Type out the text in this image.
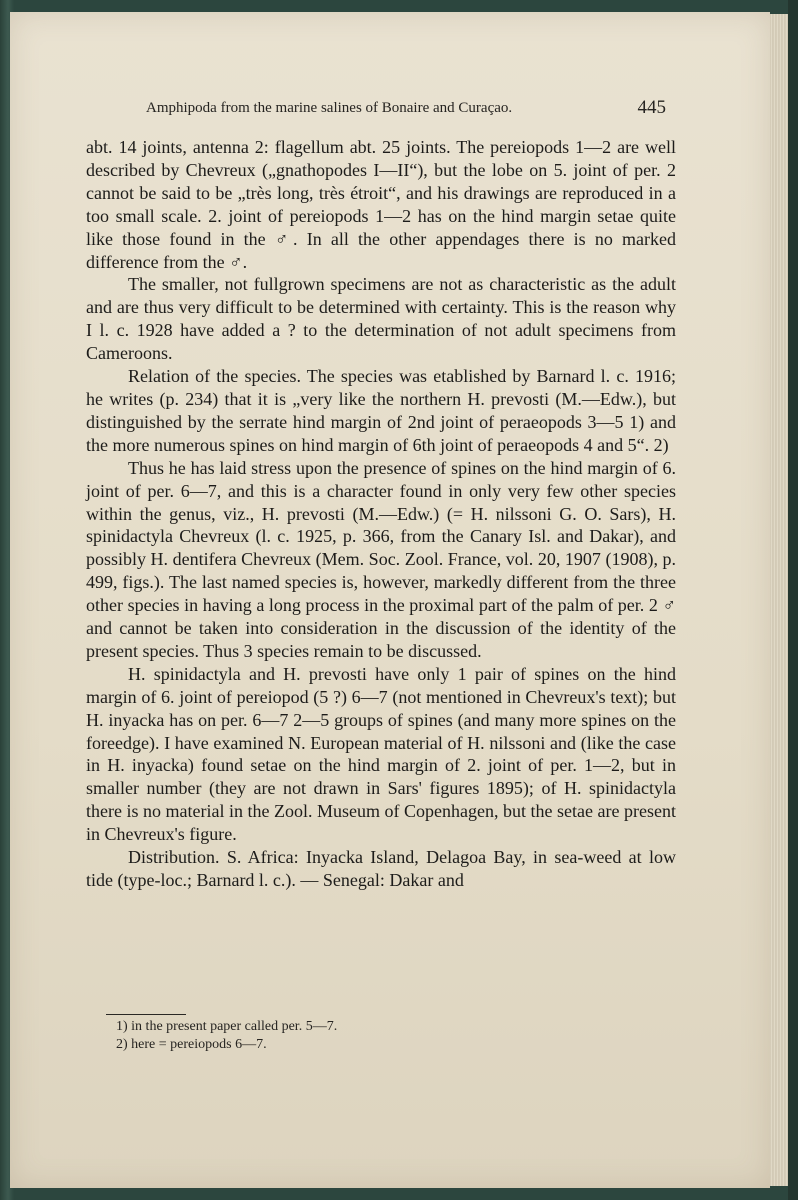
Amphipoda from the marine salines of Bonaire and Curaçao.	445

abt. 14 joints, antenna 2: flagellum abt. 25 joints. The pereiopods 1—2 are well described by Chevreux („gnathopodes I—II“), but the lobe on 5. joint of per. 2 cannot be said to be „très long, très étroit“, and his drawings are reproduced in a too small scale. 2. joint of pereiopods 1—2 has on the hind margin setae quite like those found in the ♂. In all the other appendages there is no marked difference from the ♂.

The smaller, not fullgrown specimens are not as characteristic as the adult and are thus very difficult to be determined with certainty. This is the reason why I l. c. 1928 have added a ? to the determination of not adult specimens from Cameroons.

Relation of the species. The species was etablished by Barnard l. c. 1916; he writes (p. 234) that it is „very like the northern H. prevosti (M.—Edw.), but distinguished by the serrate hind margin of 2nd joint of peraeopods 3—5 1) and the more numerous spines on hind margin of 6th joint of peraeopods 4 and 5“. 2)

Thus he has laid stress upon the presence of spines on the hind margin of 6. joint of per. 6—7, and this is a character found in only very few other species within the genus, viz., H. prevosti (M.—Edw.) (= H. nilssoni G. O. Sars), H. spinidactyla Chevreux (l. c. 1925, p. 366, from the Canary Isl. and Dakar), and possibly H. dentifera Chevreux (Mem. Soc. Zool. France, vol. 20, 1907 (1908), p. 499, figs.). The last named species is, however, markedly different from the three other species in having a long process in the proximal part of the palm of per. 2 ♂ and cannot be taken into consideration in the discussion of the identity of the present species. Thus 3 species remain to be discussed.

H. spinidactyla and H. prevosti have only 1 pair of spines on the hind margin of 6. joint of pereiopod (5 ?) 6—7 (not mentioned in Chevreux's text); but H. inyacka has on per. 6—7 2—5 groups of spines (and many more spines on the foreedge). I have examined N. European material of H. nilssoni and (like the case in H. inyacka) found setae on the hind margin of 2. joint of per. 1—2, but in smaller number (they are not drawn in Sars' figures 1895); of H. spinidactyla there is no material in the Zool. Museum of Copenhagen, but the setae are present in Chevreux's figure.

Distribution. S. Africa: Inyacka Island, Delagoa Bay, in sea-weed at low tide (type-loc.; Barnard l. c.). — Senegal: Dakar and

1) in the present paper called per. 5—7.
2) here = pereiopods 6—7.
